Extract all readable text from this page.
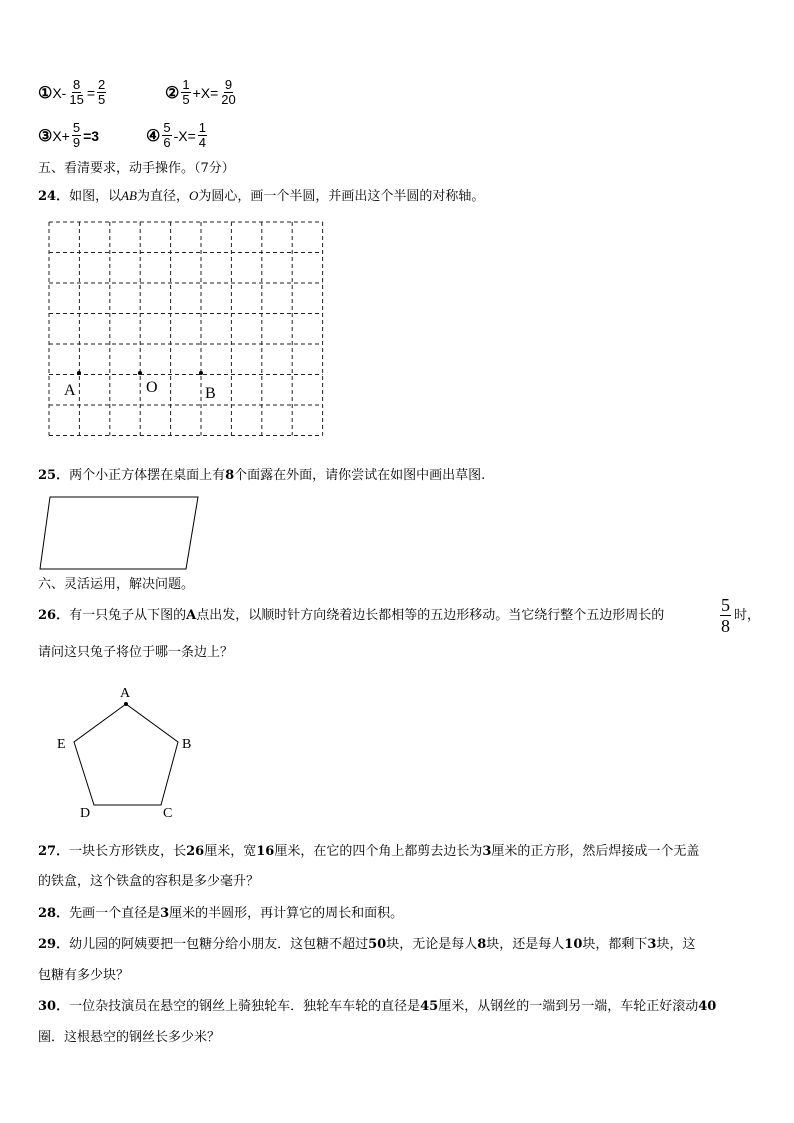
① $X- \frac{8}{15} = \frac{2}{5}$	② $\frac{1}{5} +X= \frac{9}{20}$
③ $X+ \frac{5}{9} =3$	④ $\frac{5}{6} -X= \frac{1}{4}$
五、看清要求，动手操作。（7分）
24．如图，以AB为直径，O为圆心，画一个半圆，并画出这个半圆的对称轴。
A	O	B
25．两个小正方体摆在桌面上有8个面露在外面，请你尝试在如图中画出草图.
六、灵活运用，解决问题。
26．有一只兔子从下图的A点出发，以顺时针方向绕着边长都相等的五边形移动。当它绕行整个五边形周长的
5
8
时，
请问这只兔子将位于哪一条边上？
A
B
C
D
E
27．一块长方形铁皮，长26厘米，宽16厘米，在它的四个角上都剪去边长为3厘米的正方形，然后焊接成一个无盖
的铁盒，这个铁盒的容积是多少毫升？
28．先画一个直径是3厘米的半圆形，再计算它的周长和面积。
29．幼儿园的阿姨要把一包糖分给小朋友．这包糖不超过50块，无论是每人8块，还是每人10块，都剩下3块，这
包糖有多少块？
30．一位杂技演员在悬空的钢丝上骑独轮车．独轮车车轮的直径是45厘米，从钢丝的一端到另一端，车轮正好滚动40
圈．这根悬空的钢丝长多少米？
